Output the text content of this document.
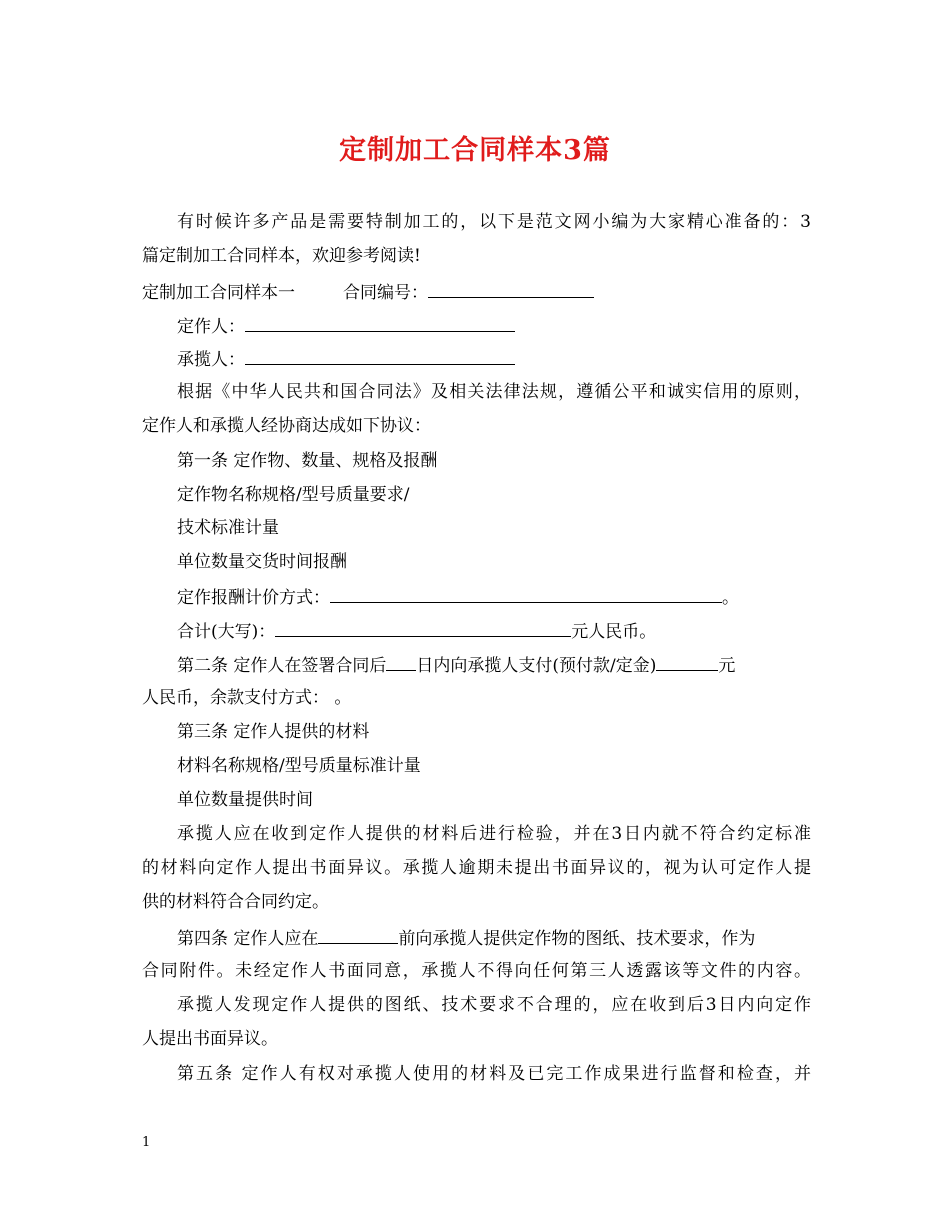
定制加工合同样本3篇

有时候许多产品是需要特制加工的，以下是范文网小编为大家精心准备的：3

篇定制加工合同样本，欢迎参考阅读!

定制加工合同样本一	合同编号：
定作人：
承揽人：

根据《中华人民共和国合同法》及相关法律法规，遵循公平和诚实信用的原则，

定作人和承揽人经协商达成如下协议：

第一条 定作物、数量、规格及报酬

定作物名称规格/型号质量要求/

技术标准计量

单位数量交货时间报酬

定作报酬计价方式：	。
合计(大写)：	元人民币。
第二条 定作人在签署合同后 日内向承揽人支付(预付款/定金)	元

人民币，余款支付方式： 。

第三条 定作人提供的材料

材料名称规格/型号质量标准计量

单位数量提供时间

承揽人应在收到定作人提供的材料后进行检验，并在3日内就不符合约定标准

的材料向定作人提出书面异议。承揽人逾期未提出书面异议的，视为认可定作人提

供的材料符合合同约定。

第四条 定作人应在	前向承揽人提供定作物的图纸、技术要求，作为

合同附件。未经定作人书面同意，承揽人不得向任何第三人透露该等文件的内容。

承揽人发现定作人提供的图纸、技术要求不合理的，应在收到后3日内向定作

人提出书面异议。

第五条 定作人有权对承揽人使用的材料及已完工作成果进行监督和检查，并

1
